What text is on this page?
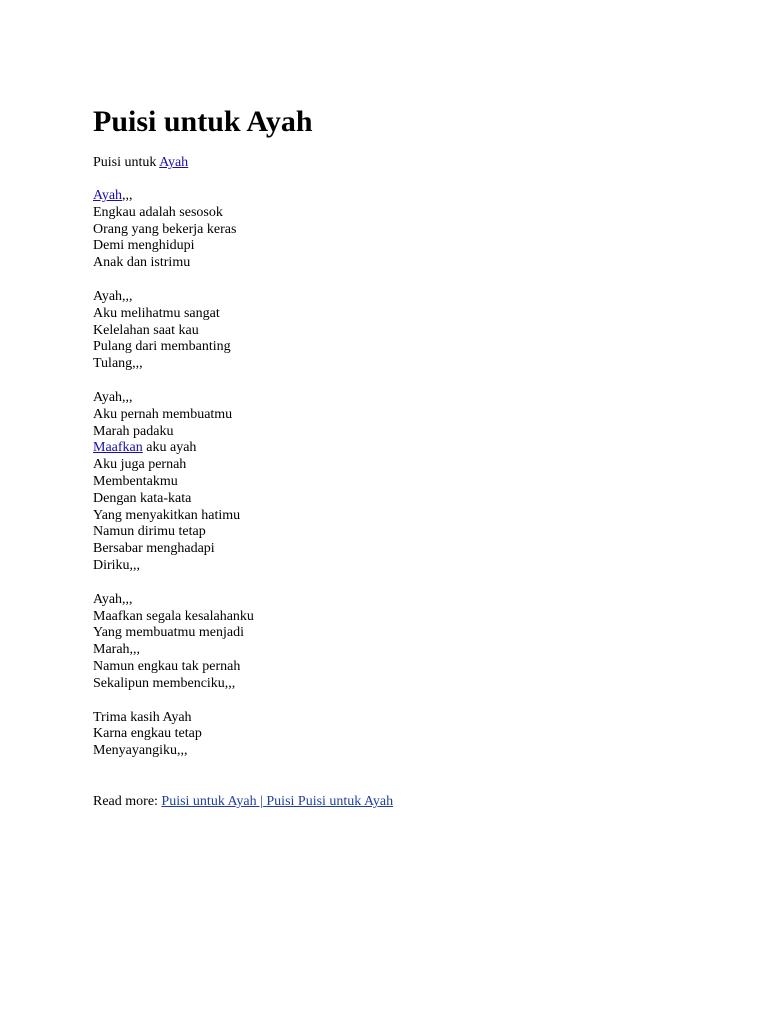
Puisi untuk Ayah
Puisi untuk Ayah
Ayah,,,
Engkau adalah sesosok
Orang yang bekerja keras
Demi menghidupi
Anak dan istrimu
Ayah,,,
Aku melihatmu sangat
Kelelahan saat kau
Pulang dari membanting
Tulang,,,
Ayah,,,
Aku pernah membuatmu
Marah padaku
Maafkan aku ayah
Aku juga pernah
Membentakmu
Dengan kata-kata
Yang menyakitkan hatimu
Namun dirimu tetap
Bersabar menghadapi
Diriku,,,
Ayah,,,
Maafkan segala kesalahanku
Yang membuatmu menjadi
Marah,,,
Namun engkau tak pernah
Sekalipun membenciku,,,
Trima kasih Ayah
Karna engkau tetap
Menyayangiku,,,
Read more: Puisi untuk Ayah | Puisi Puisi untuk Ayah
